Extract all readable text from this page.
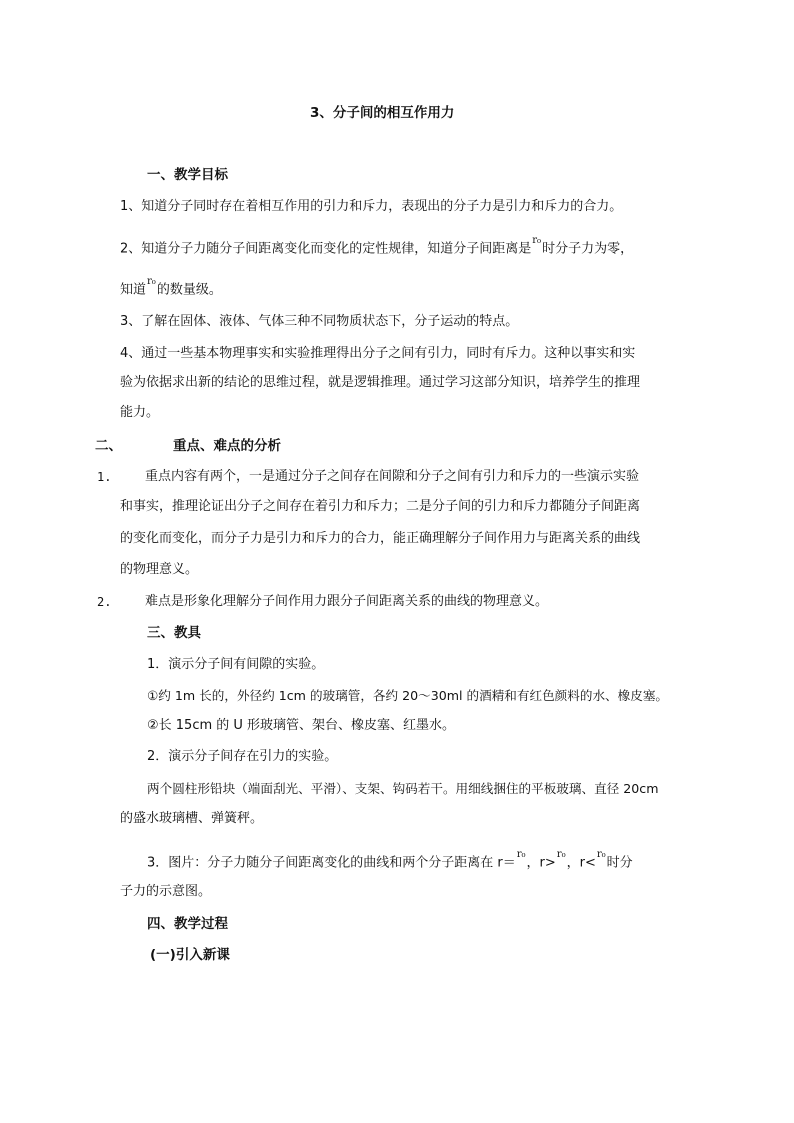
3、分子间的相互作用力
一、教学目标
1、知道分子同时存在着相互作用的引力和斥力，表现出的分子力是引力和斥力的合力。
2、知道分子力随分子间距离变化而变化的定性规律，知道分子间距离是$^{r_0}$时分子力为零，
知道$^{r_0}$的数量级。
3、了解在固体、液体、气体三种不同物质状态下，分子运动的特点。
4、通过一些基本物理事实和实验推理得出分子之间有引力，同时有斥力。这种以事实和实
验为依据求出新的结论的思维过程，就是逻辑推理。通过学习这部分知识，培养学生的推理
能力。
二、	重点、难点的分析
1.	重点内容有两个，一是通过分子之间存在间隙和分子之间有引力和斥力的一些演示实验
和事实，推理论证出分子之间存在着引力和斥力；二是分子间的引力和斥力都随分子间距离
的变化而变化，而分子力是引力和斥力的合力，能正确理解分子间作用力与距离关系的曲线
的物理意义。
2.	难点是形象化理解分子间作用力跟分子间距离关系的曲线的物理意义。
三、教具
1．演示分子间有间隙的实验。
①约 1m 长的，外径约 1cm 的玻璃管，各约 20～30ml 的酒精和有红色颜料的水、橡皮塞。
②长 15cm 的 U 形玻璃管、架台、橡皮塞、红墨水。
2．演示分子间存在引力的实验。
两个圆柱形铅块（端面刮光、平滑）、支架、钩码若干。用细线捆住的平板玻璃、直径 20cm
的盛水玻璃槽、弹簧秤。
3．图片：分子力随分子间距离变化的曲线和两个分子距离在 r＝$^{r_0}$，r>$^{r_0}$，r<$^{r_0}$时分
子力的示意图。
四、教学过程
(一)引入新课
